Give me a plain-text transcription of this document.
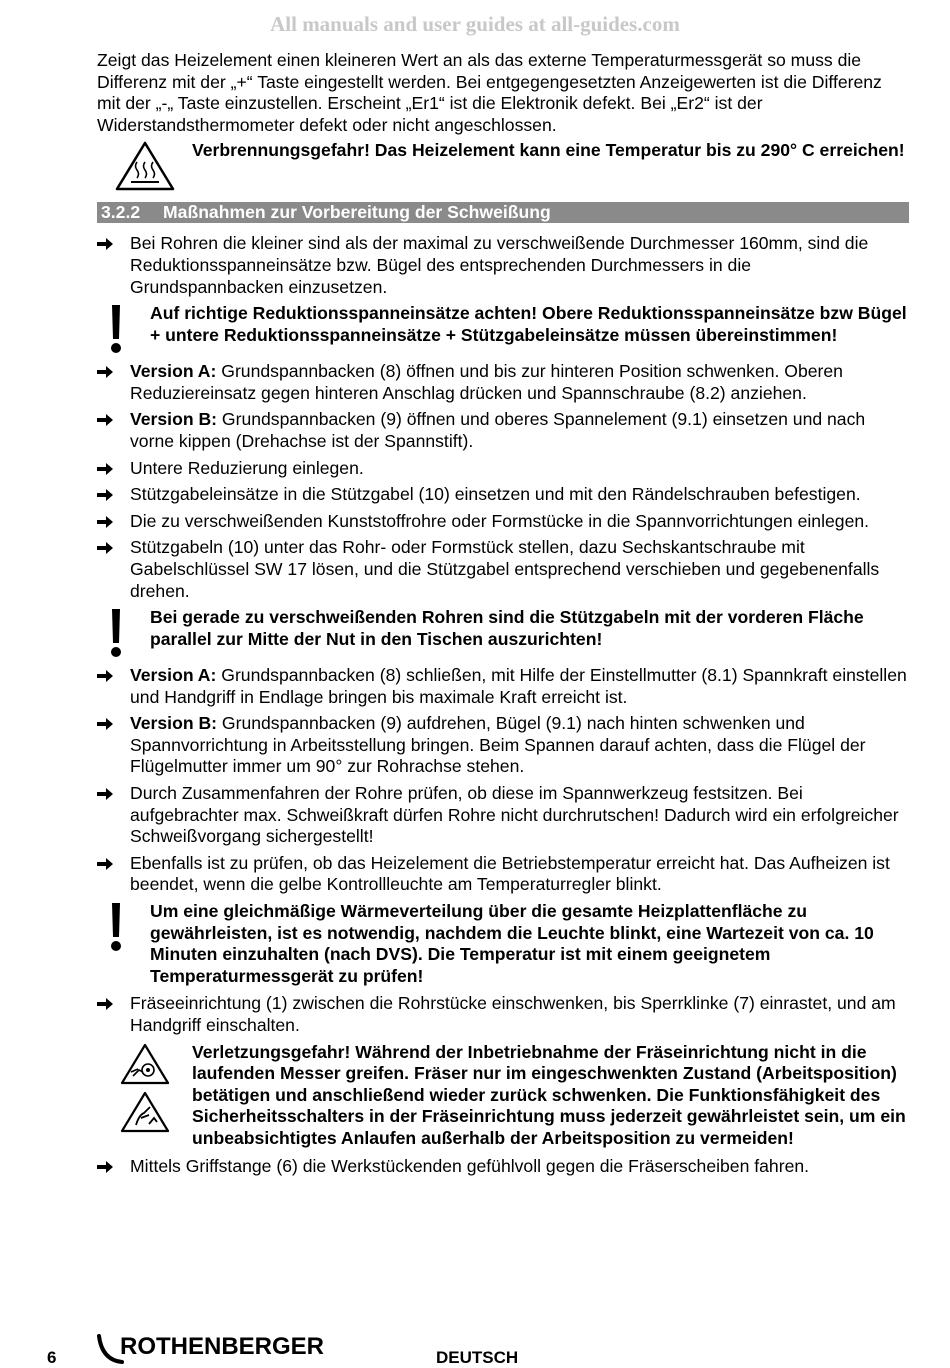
All manuals and user guides at all-guides.com

Zeigt das Heizelement einen kleineren Wert an als das externe Temperaturmessgerät so muss die Differenz mit der „+“ Taste eingestellt werden. Bei entgegengesetzten Anzeigewerten ist die Differenz mit der „-„ Taste einzustellen. Erscheint „Er1“ ist die Elektronik defekt. Bei „Er2“ ist der Widerstandsthermometer defekt oder nicht angeschlossen.

Verbrennungsgefahr! Das Heizelement kann eine Temperatur bis zu 290° C erreichen!

3.2.2	Maßnahmen zur Vorbereitung der Schweißung

Bei Rohren die kleiner sind als der maximal zu verschweißende Durchmesser 160mm, sind die Reduktionsspanneinsätze bzw. Bügel des entsprechenden Durchmessers in die Grundspannbacken einzusetzen.

Auf richtige Reduktionsspanneinsätze achten! Obere Reduktionsspanneinsätze bzw Bügel + untere Reduktionsspanneinsätze + Stützgabeleinsätze müssen übereinstimmen!

Version A: Grundspannbacken (8) öffnen und bis zur hinteren Position schwenken. Oberen Reduziereinsatz gegen hinteren Anschlag drücken und Spannschraube (8.2) anziehen.

Version B: Grundspannbacken (9) öffnen und oberes Spannelement (9.1) einsetzen und nach vorne kippen (Drehachse ist der Spannstift).

Untere Reduzierung einlegen.

Stützgabeleinsätze in die Stützgabel (10) einsetzen und mit den Rändelschrauben befestigen.

Die zu verschweißenden Kunststoffrohre oder Formstücke in die Spannvorrichtungen einlegen.

Stützgabeln (10) unter das Rohr- oder Formstück stellen, dazu Sechskantschraube mit Gabelschlüssel SW 17 lösen, und die Stützgabel entsprechend verschieben und gegebenenfalls drehen.

Bei gerade zu verschweißenden Rohren sind die Stützgabeln mit der vorderen Fläche parallel zur Mitte der Nut in den Tischen auszurichten!

Version A: Grundspannbacken (8) schließen, mit Hilfe der Einstellmutter (8.1) Spannkraft einstellen und Handgriff in Endlage bringen bis maximale Kraft erreicht ist.

Version B: Grundspannbacken (9) aufdrehen, Bügel (9.1) nach hinten schwenken und Spannvorrichtung in Arbeitsstellung bringen. Beim Spannen darauf achten, dass die Flügel der Flügelmutter immer um 90° zur Rohrachse stehen.

Durch Zusammenfahren der Rohre prüfen, ob diese im Spannwerkzeug festsitzen. Bei aufgebrachter max. Schweißkraft dürfen Rohre nicht durchrutschen! Dadurch wird ein erfolgreicher Schweißvorgang sichergestellt!

Ebenfalls ist zu prüfen, ob das Heizelement die Betriebstemperatur erreicht hat. Das Aufheizen ist beendet, wenn die gelbe Kontrollleuchte am Temperaturregler blinkt.

Um eine gleichmäßige Wärmeverteilung über die gesamte Heizplattenfläche zu gewährleisten, ist es notwendig, nachdem die Leuchte blinkt, eine Wartezeit von ca. 10 Minuten einzuhalten (nach DVS). Die Temperatur ist mit einem geeignetem Temperaturmessgerät zu prüfen!

Fräseeinrichtung (1) zwischen die Rohrstücke einschwenken, bis Sperrklinke (7) einrastet, und am Handgriff einschalten.

Verletzungsgefahr! Während der Inbetriebnahme der Fräseinrichtung nicht in die laufenden Messer greifen. Fräser nur im eingeschwenkten Zustand (Arbeitsposition) betätigen und anschließend wieder zurück schwenken. Die Funktionsfähigkeit des Sicherheitsschalters in der Fräseinrichtung muss jederzeit gewährleistet sein, um ein unbeabsichtigtes Anlaufen außerhalb der Arbeitsposition zu vermeiden!

Mittels Griffstange (6) die Werkstückenden gefühlvoll gegen die Fräserscheiben fahren.

6	ROTHENBERGER	DEUTSCH
